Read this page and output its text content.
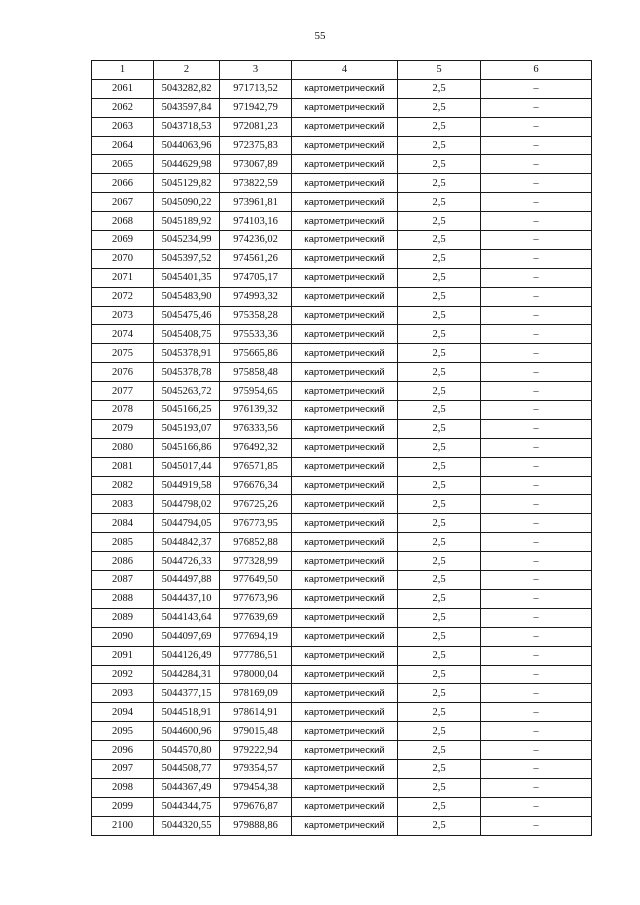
55
1	2	3	4	5	6
2061	5043282,82	971713,52	картометрический	2,5	–
2062	5043597,84	971942,79	картометрический	2,5	–
2063	5043718,53	972081,23	картометрический	2,5	–
2064	5044063,96	972375,83	картометрический	2,5	–
2065	5044629,98	973067,89	картометрический	2,5	–
2066	5045129,82	973822,59	картометрический	2,5	–
2067	5045090,22	973961,81	картометрический	2,5	–
2068	5045189,92	974103,16	картометрический	2,5	–
2069	5045234,99	974236,02	картометрический	2,5	–
2070	5045397,52	974561,26	картометрический	2,5	–
2071	5045401,35	974705,17	картометрический	2,5	–
2072	5045483,90	974993,32	картометрический	2,5	–
2073	5045475,46	975358,28	картометрический	2,5	–
2074	5045408,75	975533,36	картометрический	2,5	–
2075	5045378,91	975665,86	картометрический	2,5	–
2076	5045378,78	975858,48	картометрический	2,5	–
2077	5045263,72	975954,65	картометрический	2,5	–
2078	5045166,25	976139,32	картометрический	2,5	–
2079	5045193,07	976333,56	картометрический	2,5	–
2080	5045166,86	976492,32	картометрический	2,5	–
2081	5045017,44	976571,85	картометрический	2,5	–
2082	5044919,58	976676,34	картометрический	2,5	–
2083	5044798,02	976725,26	картометрический	2,5	–
2084	5044794,05	976773,95	картометрический	2,5	–
2085	5044842,37	976852,88	картометрический	2,5	–
2086	5044726,33	977328,99	картометрический	2,5	–
2087	5044497,88	977649,50	картометрический	2,5	–
2088	5044437,10	977673,96	картометрический	2,5	–
2089	5044143,64	977639,69	картометрический	2,5	–
2090	5044097,69	977694,19	картометрический	2,5	–
2091	5044126,49	977786,51	картометрический	2,5	–
2092	5044284,31	978000,04	картометрический	2,5	–
2093	5044377,15	978169,09	картометрический	2,5	–
2094	5044518,91	978614,91	картометрический	2,5	–
2095	5044600,96	979015,48	картометрический	2,5	–
2096	5044570,80	979222,94	картометрический	2,5	–
2097	5044508,77	979354,57	картометрический	2,5	–
2098	5044367,49	979454,38	картометрический	2,5	–
2099	5044344,75	979676,87	картометрический	2,5	–
2100	5044320,55	979888,86	картометрический	2,5	–
